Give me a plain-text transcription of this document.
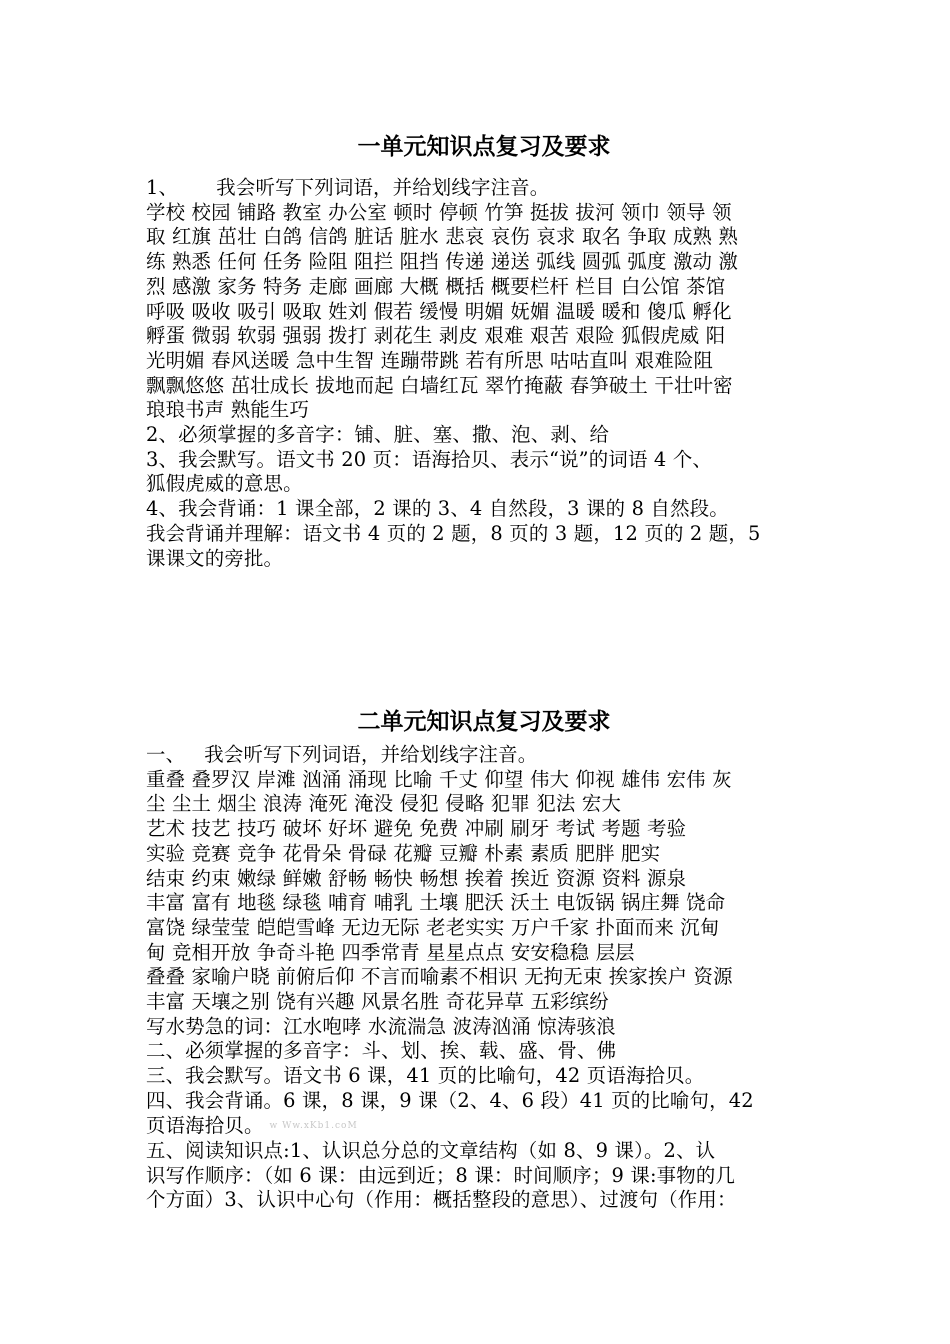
一单元知识点复习及要求
1、      我会听写下列词语，并给划线字注音。
学校 校园 铺路 教室 办公室 顿时 停顿 竹笋 挺拔 拔河 领巾 领导 领
取 红旗 茁壮 白鸽 信鸽 脏话 脏水 悲哀 哀伤 哀求 取名 争取 成熟 熟
练 熟悉 任何 任务 险阻 阻拦 阻挡 传递 递送 弧线 圆弧 弧度 激动 激
烈 感激 家务 特务 走廊 画廊 大概 概括 概要栏杆 栏目 白公馆 茶馆
呼吸 吸收 吸引 吸取 姓刘 假若 缓慢 明媚 妩媚 温暖 暖和 傻瓜 孵化
孵蛋 微弱 软弱 强弱 拨打 剥花生 剥皮 艰难 艰苦 艰险 狐假虎威 阳
光明媚 春风送暖 急中生智 连蹦带跳 若有所思 咕咕直叫 艰难险阻
飘飘悠悠 茁壮成长 拔地而起 白墙红瓦 翠竹掩蔽 春笋破土 干壮叶密
琅琅书声 熟能生巧
2、必须掌握的多音字：铺、脏、塞、撒、泡、剥、给
3、我会默写。语文书 20 页：语海拾贝、表示“说”的词语 4 个、
狐假虎威的意思。
4、我会背诵：1 课全部，2 课的 3、4 自然段，3 课的 8 自然段。
我会背诵并理解：语文书 4 页的 2 题，8 页的 3 题，12 页的 2 题，5
课课文的旁批。
二单元知识点复习及要求
一、   我会听写下列词语，并给划线字注音。
重叠 叠罗汉 岸滩 汹涌 涌现 比喻 千丈 仰望 伟大 仰视 雄伟 宏伟 灰
尘 尘土 烟尘 浪涛 淹死 淹没 侵犯 侵略 犯罪 犯法 宏大
艺术 技艺 技巧 破坏 好坏 避免 免费 冲刷 刷牙 考试 考题 考验
实验 竞赛 竞争 花骨朵 骨碌 花瓣 豆瓣 朴素 素质 肥胖 肥实
结束 约束 嫩绿 鲜嫩 舒畅 畅快 畅想 挨着 挨近 资源 资料 源泉
丰富 富有 地毯 绿毯 哺育 哺乳 土壤 肥沃 沃土 电饭锅 锅庄舞 饶命
富饶 绿莹莹 皑皑雪峰 无边无际 老老实实 万户千家 扑面而来 沉甸
甸 竞相开放 争奇斗艳 四季常青 星星点点 安安稳稳 层层
叠叠 家喻户晓 前俯后仰 不言而喻素不相识 无拘无束 挨家挨户 资源
丰富 天壤之别 饶有兴趣 风景名胜 奇花异草 五彩缤纷
写水势急的词：江水咆哮 水流湍急 波涛汹涌 惊涛骇浪
二、必须掌握的多音字：斗、划、挨、载、盛、骨、佛
三、我会默写。语文书 6 课，41 页的比喻句，42 页语海拾贝。
四、我会背诵。6 课，8 课，9 课（2、4、6 段）41 页的比喻句，42
页语海拾贝。 w Ww.xKb1.coM
五、阅读知识点:1、认识总分总的文章结构（如 8、9 课）。2、认
识写作顺序：（如 6 课：由远到近；8 课：时间顺序；9 课:事物的几
个方面）3、认识中心句（作用：概括整段的意思）、过渡句（作用：
